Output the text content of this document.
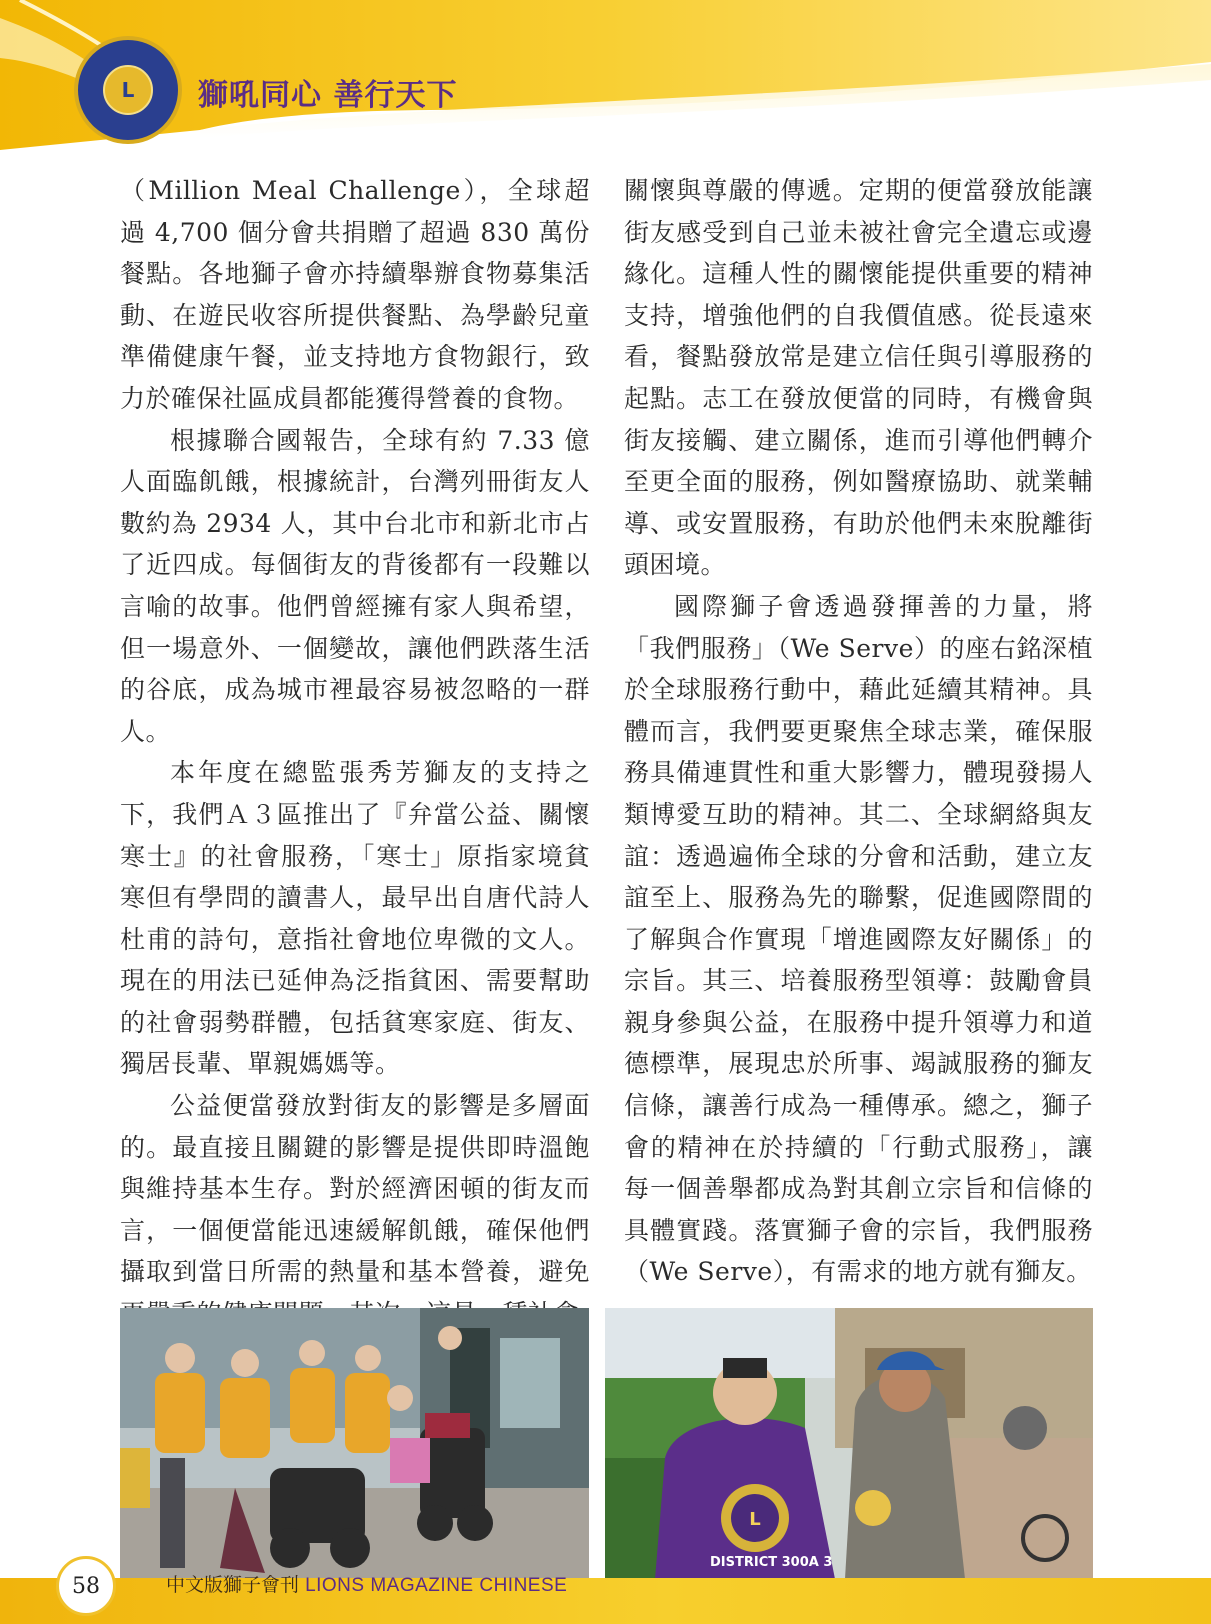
L	獅吼同心 善行天下

（Million Meal Challenge），全球超過 4,700 個分會共捐贈了超過 830 萬份餐點。各地獅子會亦持續舉辦食物募集活動、在遊民收容所提供餐點、為學齡兒童準備健康午餐，並支持地方食物銀行，致力於確保社區成員都能獲得營養的食物。

根據聯合國報告，全球有約 7.33 億人面臨飢餓，根據統計，台灣列冊街友人數約為 2934 人，其中台北市和新北市占了近四成。每個街友的背後都有一段難以言喻的故事。他們曾經擁有家人與希望，但一場意外、一個變故，讓他們跌落生活的谷底，成為城市裡最容易被忽略的一群人。

本年度在總監張秀芳獅友的支持之下，我們Ａ３區推出了『弁當公益、關懷寒士』的社會服務，「寒士」原指家境貧寒但有學問的讀書人，最早出自唐代詩人杜甫的詩句，意指社會地位卑微的文人。現在的用法已延伸為泛指貧困、需要幫助的社會弱勢群體，包括貧寒家庭、街友、獨居長輩、單親媽媽等。

公益便當發放對街友的影響是多層面的。最直接且關鍵的影響是提供即時溫飽與維持基本生存。對於經濟困頓的街友而言，一個便當能迅速緩解飢餓，確保他們攝取到當日所需的熱量和基本營養，避免

關懷與尊嚴的傳遞。定期的便當發放能讓街友感受到自己並未被社會完全遺忘或邊緣化。這種人性的關懷能提供重要的精神支持，增強他們的自我價值感。從長遠來看，餐點發放常是建立信任與引導服務的起點。志工在發放便當的同時，有機會與街友接觸、建立關係，進而引導他們轉介至更全面的服務，例如醫療協助、就業輔導、或安置服務，有助於他們未來脫離街頭困境。

國際獅子會透過發揮善的力量，將「我們服務」（We Serve）的座右銘深植於全球服務行動中，藉此延續其精神。具體而言，我們要更聚焦全球志業，確保服務具備連貫性和重大影響力，體現發揚人類博愛互助的精神。其二、全球網絡與友誼：透過遍佈全球的分會和活動，建立友誼至上、服務為先的聯繫，促進國際間的了解與合作實現「增進國際友好關係」的宗旨。其三、培養服務型領導：鼓勵會員親身參與公益，在服務中提升領導力和道德標準，展現忠於所事、竭誠服務的獅友信條，讓善行成為一種傳承。總之，獅子會的精神在於持續的「行動式服務」，讓每一個善舉都成為對其創立宗旨和信條的具體實踐。落實獅子會的宗旨，我們服務（We Serve），有需求的地方就有獅友。

L
DISTRICT 300A 3
58	中文版獅子會刊 LIONS MAGAZINE CHINESE
